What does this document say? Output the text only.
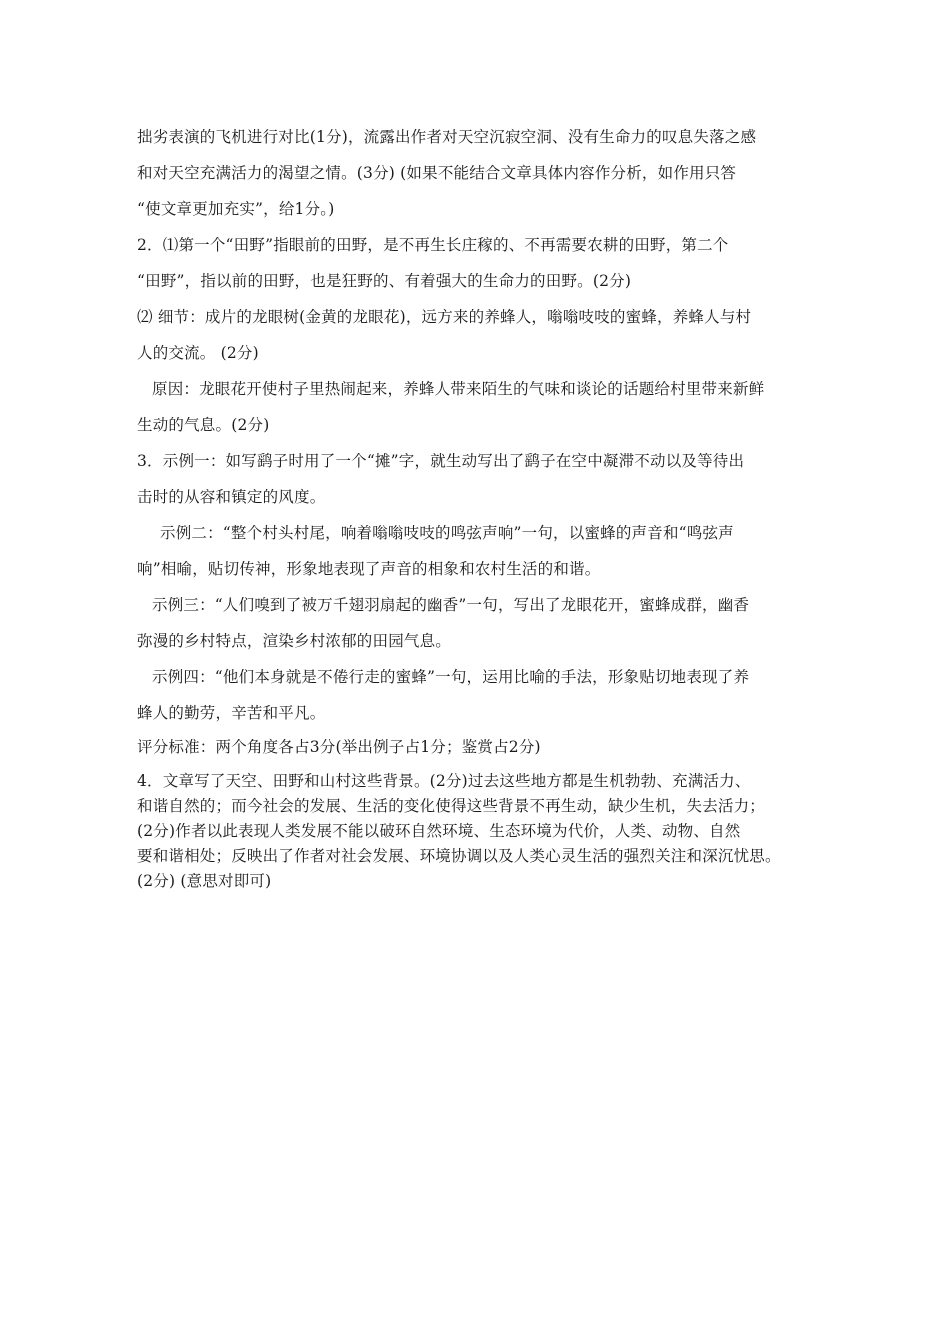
拙劣表演的飞机进行对比(1分)，流露出作者对天空沉寂空洞、没有生命力的叹息失落之感
和对天空充满活力的渴望之情。(3分) (如果不能结合文章具体内容作分析，如作用只答
“使文章更加充实”，给1分。)
2．⑴第一个“田野”指眼前的田野，是不再生长庄稼的、不再需要农耕的田野，第二个
“田野”，指以前的田野，也是狂野的、有着强大的生命力的田野。(2分)
⑵ 细节：成片的龙眼树(金黄的龙眼花)，远方来的养蜂人，嗡嗡吱吱的蜜蜂，养蜂人与村
人的交流。 (2分)
原因：龙眼花开使村子里热闹起来，养蜂人带来陌生的气味和谈论的话题给村里带来新鲜
生动的气息。(2分)
3．示例一：如写鹞子时用了一个“摊”字，就生动写出了鹞子在空中凝滞不动以及等待出
击时的从容和镇定的风度。
示例二：“整个村头村尾，响着嗡嗡吱吱的鸣弦声响”一句，以蜜蜂的声音和“鸣弦声
响”相喻，贴切传神，形象地表现了声音的相象和农村生活的和谐。
示例三：“人们嗅到了被万千翅羽扇起的幽香”一句，写出了龙眼花开，蜜蜂成群，幽香
弥漫的乡村特点，渲染乡村浓郁的田园气息。
示例四：“他们本身就是不倦行走的蜜蜂”一句，运用比喻的手法，形象贴切地表现了养
蜂人的勤劳，辛苦和平凡。
评分标准：两个角度各占3分(举出例子占1分；鉴赏占2分)
4．文章写了天空、田野和山村这些背景。(2分)过去这些地方都是生机勃勃、充满活力、
和谐自然的；而今社会的发展、生活的变化使得这些背景不再生动，缺少生机，失去活力；
(2分)作者以此表现人类发展不能以破环自然环境、生态环境为代价，人类、动物、自然
要和谐相处；反映出了作者对社会发展、环境协调以及人类心灵生活的强烈关注和深沉忧思。
(2分) (意思对即可)
